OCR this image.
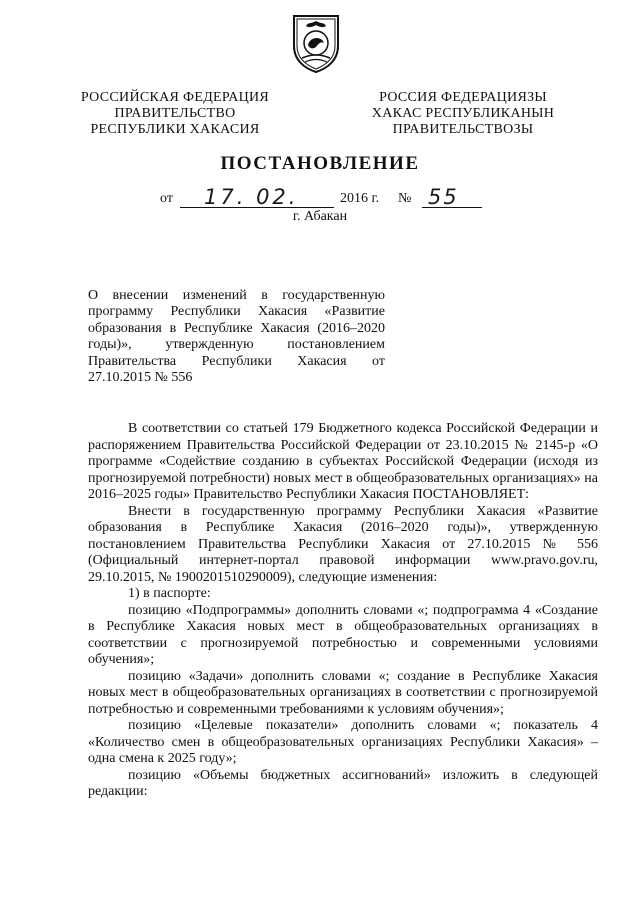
РОССИЙСКАЯ ФЕДЕРАЦИЯ
ПРАВИТЕЛЬСТВО
РЕСПУБЛИКИ ХАКАСИЯ
РОССИЯ ФЕДЕРАЦИЯЗЫ
ХАКАС РЕСПУБЛИКАНЫН
ПРАВИТЕЛЬСТВОЗЫ
ПОСТАНОВЛЕНИЕ
от 17. 02.	2016 г. № 55
г. Абакан
О внесении изменений в государственную программу Республики Хакасия «Развитие образования в Республике Хакасия (2016–2020 годы)», утвержденную постановлением Правительства Республики Хакасия от 27.10.2015 № 556

В соответствии со статьей 179 Бюджетного кодекса Российской Федерации и распоряжением Правительства Российской Федерации от 23.10.2015 № 2145-р «О программе «Содействие созданию в субъектах Российской Федерации (исходя из прогнозируемой потребности) новых мест в общеобразовательных организациях» на 2016–2025 годы» Правительство Республики Хакасия ПОСТАНОВЛЯЕТ:

Внести в государственную программу Республики Хакасия «Развитие образования в Республике Хакасия (2016–2020 годы)», утвержденную постановлением Правительства Республики Хакасия от 27.10.2015 № 556 (Официальный интернет-портал правовой информации www.pravo.gov.ru, 29.10.2015, № 1900201510290009), следующие изменения:

1) в паспорте:

позицию «Подпрограммы» дополнить словами «; подпрограмма 4 «Создание в Республике Хакасия новых мест в общеобразовательных организациях в соответствии с прогнозируемой потребностью и современными условиями обучения»;

позицию «Задачи» дополнить словами «; создание в Республике Хакасия новых мест в общеобразовательных организациях в соответствии с прогнозируемой потребностью и современными требованиями к условиям обучения»;

позицию «Целевые показатели» дополнить словами «; показатель 4 «Количество смен в общеобразовательных организациях Республики Хакасия» – одна смена к 2025 году»;

позицию «Объемы бюджетных ассигнований» изложить в следующей редакции:
